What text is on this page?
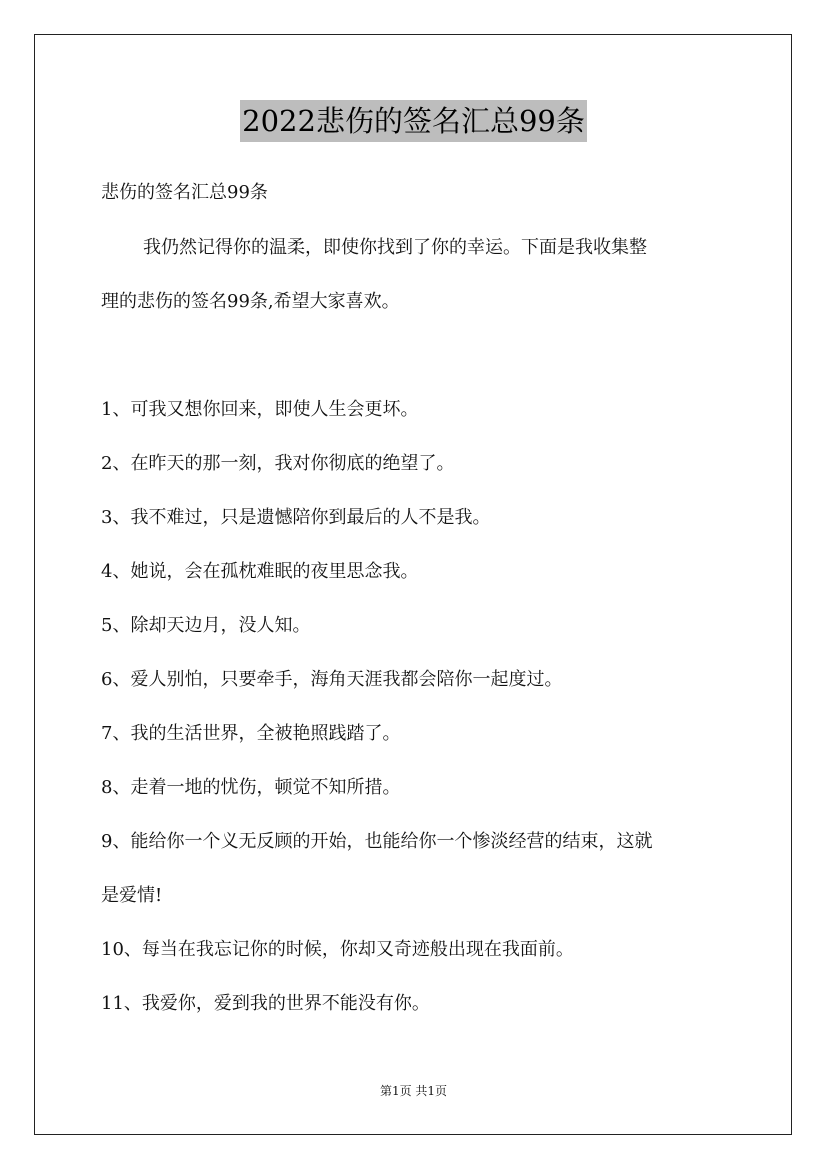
2022悲伤的签名汇总99条
悲伤的签名汇总99条
我仍然记得你的温柔，即使你找到了你的幸运。下面是我收集整
理的悲伤的签名99条,希望大家喜欢。
1、可我又想你回来，即使人生会更坏。
2、在昨天的那一刻，我对你彻底的绝望了。
3、我不难过，只是遗憾陪你到最后的人不是我。
4、她说，会在孤枕难眠的夜里思念我。
5、除却天边月，没人知。
6、爱人别怕，只要牵手，海角天涯我都会陪你一起度过。
7、我的生活世界，全被艳照践踏了。
8、走着一地的忧伤，顿觉不知所措。
9、能给你一个义无反顾的开始，也能给你一个惨淡经营的结束，这就
是爱情!
10、每当在我忘记你的时候，你却又奇迹般出现在我面前。
11、我爱你，爱到我的世界不能没有你。
第1页 共1页
